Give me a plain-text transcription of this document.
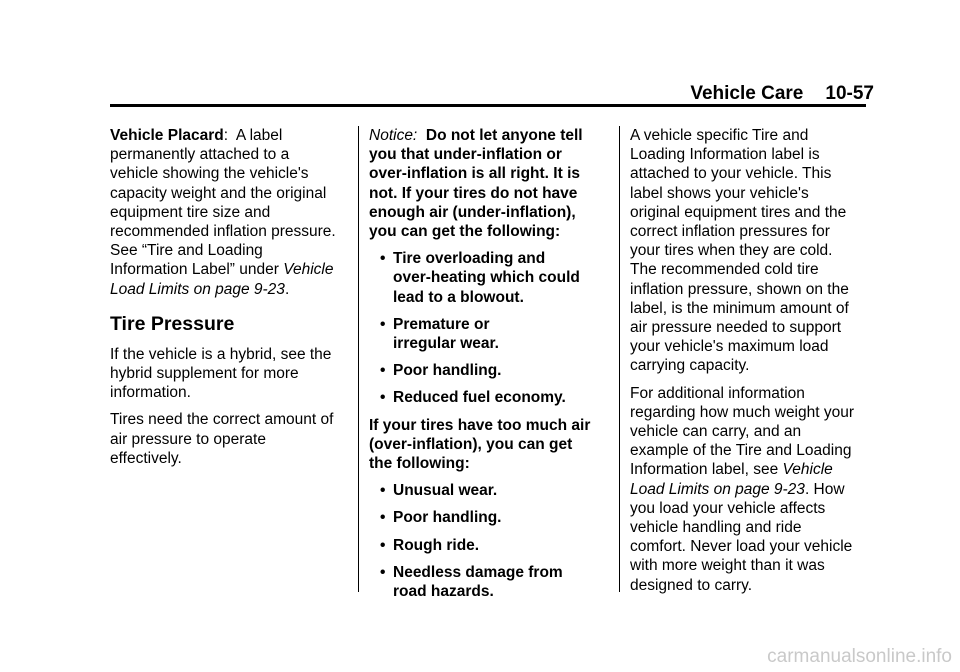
Vehicle Care 10-57

Vehicle Placard: A label
permanently attached to a
vehicle showing the vehicle's
capacity weight and the original
equipment tire size and
recommended inflation pressure.
See “Tire and Loading
Information Label” under Vehicle
Load Limits on page 9-23.

Tire Pressure

If the vehicle is a hybrid, see the
hybrid supplement for more
information.

Tires need the correct amount of
air pressure to operate
effectively.

Notice: Do not let anyone tell
you that under-inflation or
over-inflation is all right. It is
not. If your tires do not have
enough air (under-inflation),
you can get the following:

• Tire overloading and
over-heating which could
lead to a blowout.
• Premature or
irregular wear.
• Poor handling.
• Reduced fuel economy.

If your tires have too much air
(over-inflation), you can get
the following:

• Unusual wear.
• Poor handling.
• Rough ride.
• Needless damage from
road hazards.

A vehicle specific Tire and
Loading Information label is
attached to your vehicle. This
label shows your vehicle's
original equipment tires and the
correct inflation pressures for
your tires when they are cold.
The recommended cold tire
inflation pressure, shown on the
label, is the minimum amount of
air pressure needed to support
your vehicle's maximum load
carrying capacity.

For additional information
regarding how much weight your
vehicle can carry, and an
example of the Tire and Loading
Information label, see Vehicle
Load Limits on page 9-23. How
you load your vehicle affects
vehicle handling and ride
comfort. Never load your vehicle
with more weight than it was
designed to carry.

carmanualsonline.info
